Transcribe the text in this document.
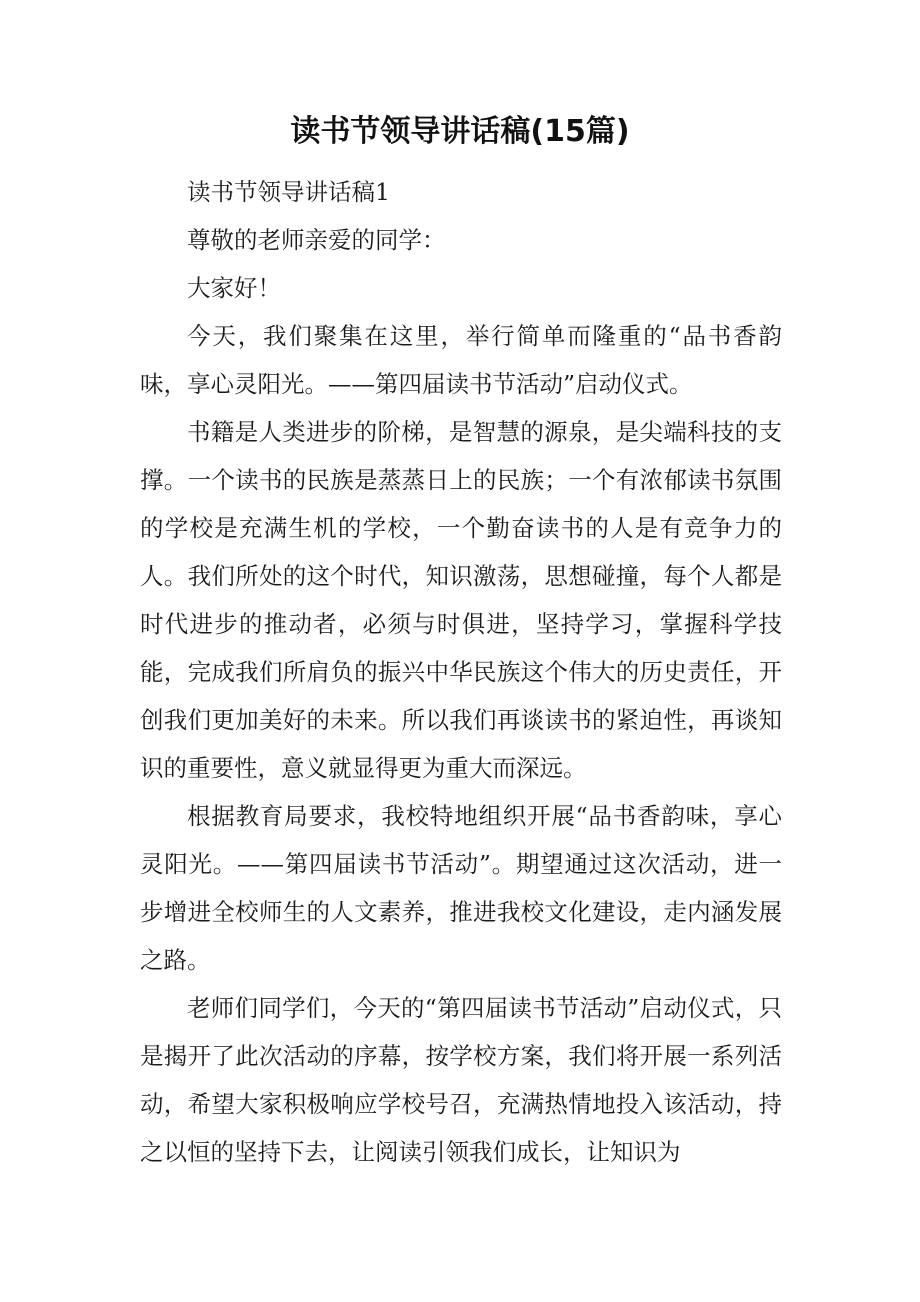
读书节领导讲话稿(15篇)

读书节领导讲话稿1

尊敬的老师亲爱的同学：

大家好！

今天，我们聚集在这里，举行简单而隆重的“品书香韵味，享心灵阳光。——第四届读书节活动”启动仪式。

书籍是人类进步的阶梯，是智慧的源泉，是尖端科技的支撑。一个读书的民族是蒸蒸日上的民族；一个有浓郁读书氛围的学校是充满生机的学校，一个勤奋读书的人是有竞争力的人。我们所处的这个时代，知识激荡，思想碰撞，每个人都是时代进步的推动者，必须与时俱进，坚持学习，掌握科学技能，完成我们所肩负的振兴中华民族这个伟大的历史责任，开创我们更加美好的未来。所以我们再谈读书的紧迫性，再谈知识的重要性，意义就显得更为重大而深远。

根据教育局要求，我校特地组织开展“品书香韵味，享心灵阳光。——第四届读书节活动”。期望通过这次活动，进一步增进全校师生的人文素养，推进我校文化建设，走内涵发展之路。

老师们同学们，今天的“第四届读书节活动”启动仪式，只是揭开了此次活动的序幕，按学校方案，我们将开展一系列活动，希望大家积极响应学校号召，充满热情地投入该活动，持之以恒的坚持下去，让阅读引领我们成长，让知识为
